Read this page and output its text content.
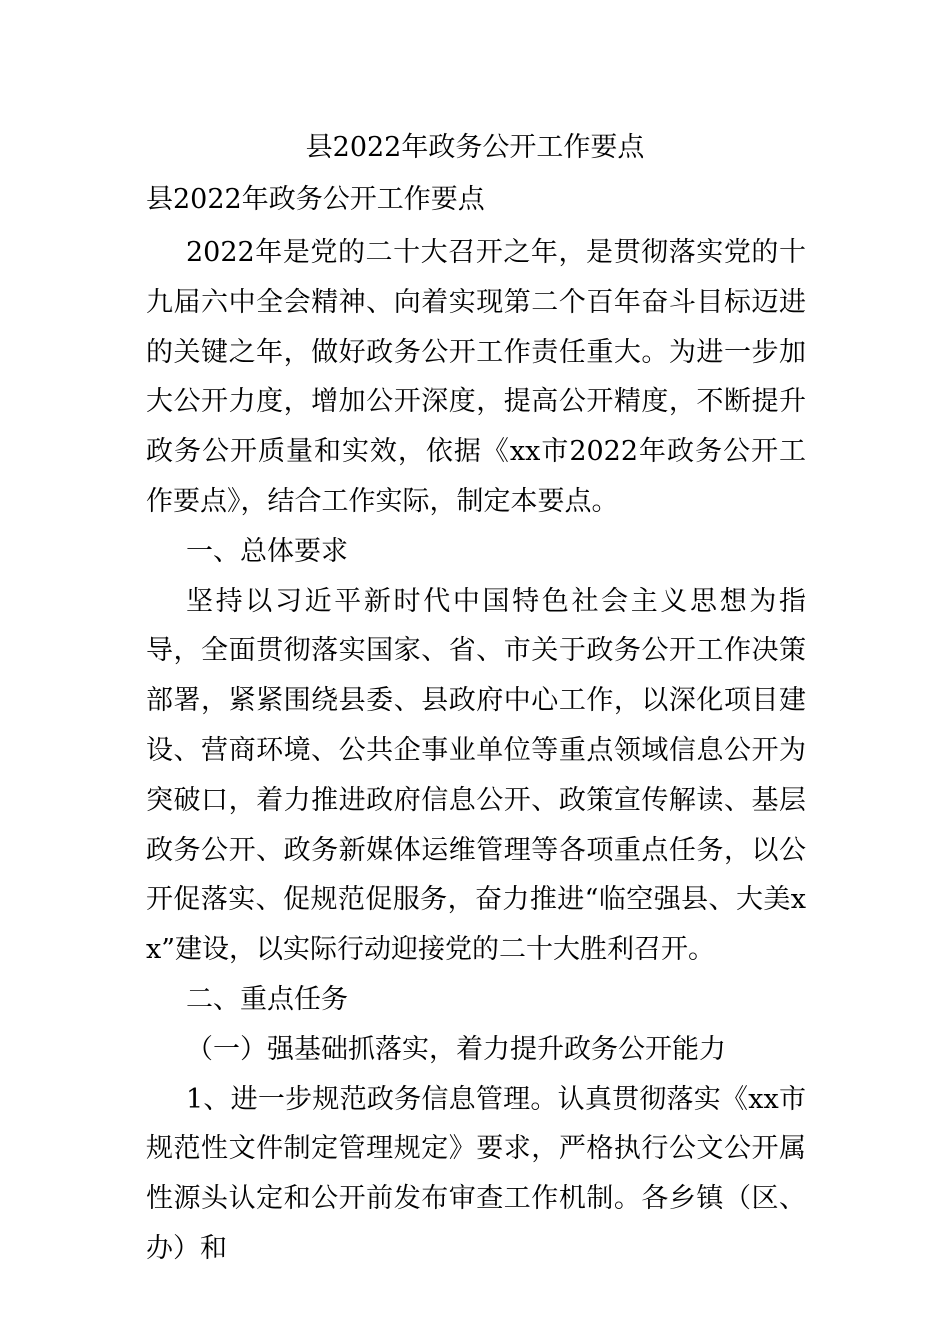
县2022年政务公开工作要点
县2022年政务公开工作要点

2022年是党的二十大召开之年，是贯彻落实党的十九届六中全会精神、向着实现第二个百年奋斗目标迈进的关键之年，做好政务公开工作责任重大。为进一步加大公开力度，增加公开深度，提高公开精度，不断提升政务公开质量和实效，依据《xx市2022年政务公开工作要点》，结合工作实际，制定本要点。

一、总体要求

坚持以习近平新时代中国特色社会主义思想为指导，全面贯彻落实国家、省、市关于政务公开工作决策部署，紧紧围绕县委、县政府中心工作，以深化项目建设、营商环境、公共企事业单位等重点领域信息公开为突破口，着力推进政府信息公开、政策宣传解读、基层政务公开、政务新媒体运维管理等各项重点任务，以公开促落实、促规范促服务，奋力推进“临空强县、大美xx”建设，以实际行动迎接党的二十大胜利召开。

二、重点任务

（一）强基础抓落实，着力提升政务公开能力

1、进一步规范政务信息管理。认真贯彻落实《xx市规范性文件制定管理规定》要求，严格执行公文公开属性源头认定和公开前发布审查工作机制。各乡镇（区、办）和
